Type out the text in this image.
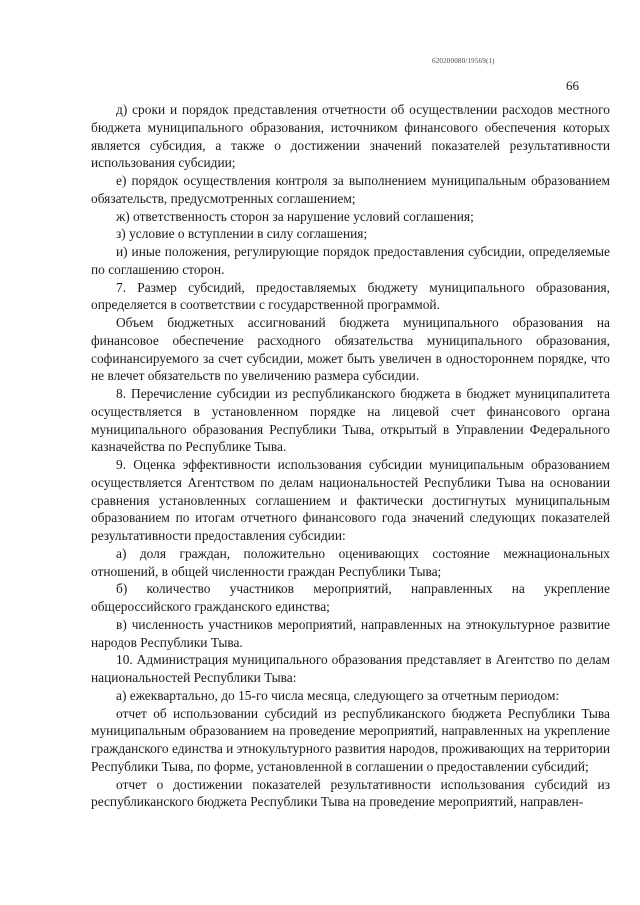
620200080/19569(1)
66

д) сроки и порядок представления отчетности об осуществлении расходов местного бюджета муниципального образования, источником финансового обеспечения которых является субсидия, а также о достижении значений показателей результативности использования субсидии;

е) порядок осуществления контроля за выполнением муниципальным образованием обязательств, предусмотренных соглашением;

ж) ответственность сторон за нарушение условий соглашения;

з) условие о вступлении в силу соглашения;

и) иные положения, регулирующие порядок предоставления субсидии, определяемые по соглашению сторон.

7. Размер субсидий, предоставляемых бюджету муниципального образования, определяется в соответствии с государственной программой.

Объем бюджетных ассигнований бюджета муниципального образования на финансовое обеспечение расходного обязательства муниципального образования, софинансируемого за счет субсидии, может быть увеличен в одностороннем порядке, что не влечет обязательств по увеличению размера субсидии.

8. Перечисление субсидии из республиканского бюджета в бюджет муниципалитета осуществляется в установленном порядке на лицевой счет финансового органа муниципального образования Республики Тыва, открытый в Управлении Федерального казначейства по Республике Тыва.

9. Оценка эффективности использования субсидии муниципальным образованием осуществляется Агентством по делам национальностей Республики Тыва на основании сравнения установленных соглашением и фактически достигнутых муниципальным образованием по итогам отчетного финансового года значений следующих показателей результативности предоставления субсидии:

а) доля граждан, положительно оценивающих состояние межнациональных отношений, в общей численности граждан Республики Тыва;

б) количество участников мероприятий, направленных на укрепление общероссийского гражданского единства;

в) численность участников мероприятий, направленных на этнокультурное развитие народов Республики Тыва.

10. Администрация муниципального образования представляет в Агентство по делам национальностей Республики Тыва:

а) ежеквартально, до 15-го числа месяца, следующего за отчетным периодом:

отчет об использовании субсидий из республиканского бюджета Республики Тыва муниципальным образованием на проведение мероприятий, направленных на укрепление гражданского единства и этнокультурного развития народов, проживающих на территории Республики Тыва, по форме, установленной в соглашении о предоставлении субсидий;

отчет о достижении показателей результативности использования субсидий из республиканского бюджета Республики Тыва на проведение мероприятий, направлен-
